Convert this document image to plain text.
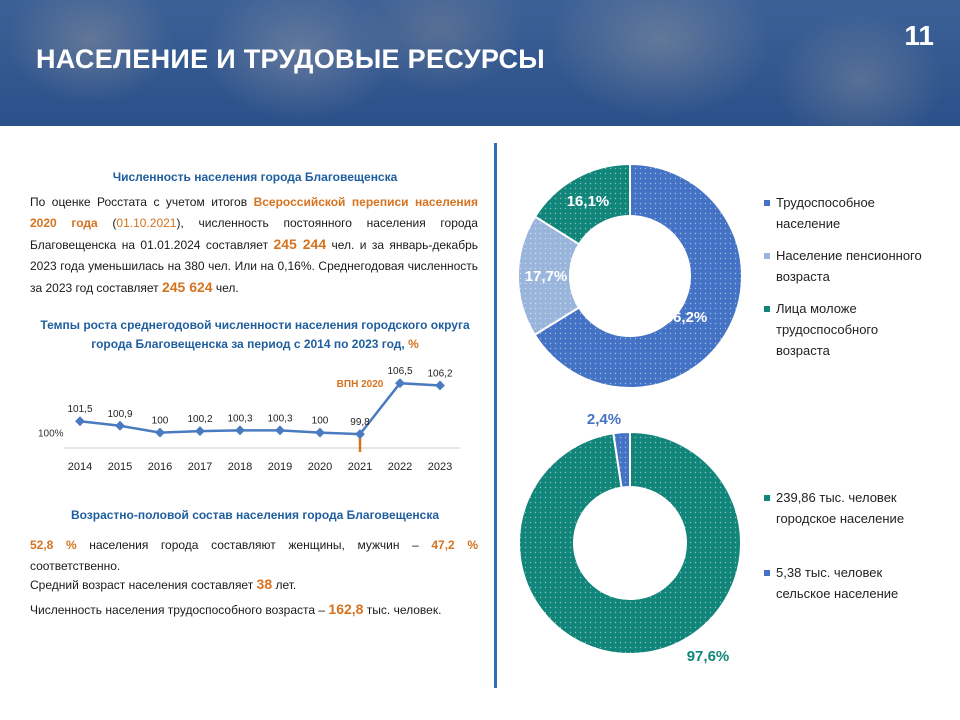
НАСЕЛЕНИЕ И ТРУДОВЫЕ РЕСУРСЫ
11
Численность населения города Благовещенска
По оценке Росстата с учетом итогов Всероссийской переписи населения 2020 года (01.10.2021), численность постоянного населения города Благовещенска на 01.01.2024 составляет 245 244 чел. и за январь-декабрь 2023 года уменьшилась на 380 чел. Или на 0,16%. Среднегодовая численность за 2023 год составляет 245 624 чел.
Темпы роста среднегодовой численности населения городского округа города Благовещенска за период с 2014 по 2023 год, %
100%
ВПН 2020
101,5
2014
100,9
2015
100
2016
100,2
2017
100,3
2018
100,3
2019
100
2020
99,8
2021
106,5
2022
106,2
2023
Возрастно-половой состав населения города Благовещенска
52,8 % населения города составляют женщины, мужчин – 47,2 % соответственно.
Средний возраст населения составляет 38 лет.
Численность населения трудоспособного возраста – 162,8 тыс. человек.
66,2%
17,7%
16,1%
97,6%
2,4%
Трудоспособное
население
Население пенсионного
возраста
Лица моложе
трудоспособного
возраста
239,86 тыс. человек
городское население
5,38 тыс. человек
сельское население
